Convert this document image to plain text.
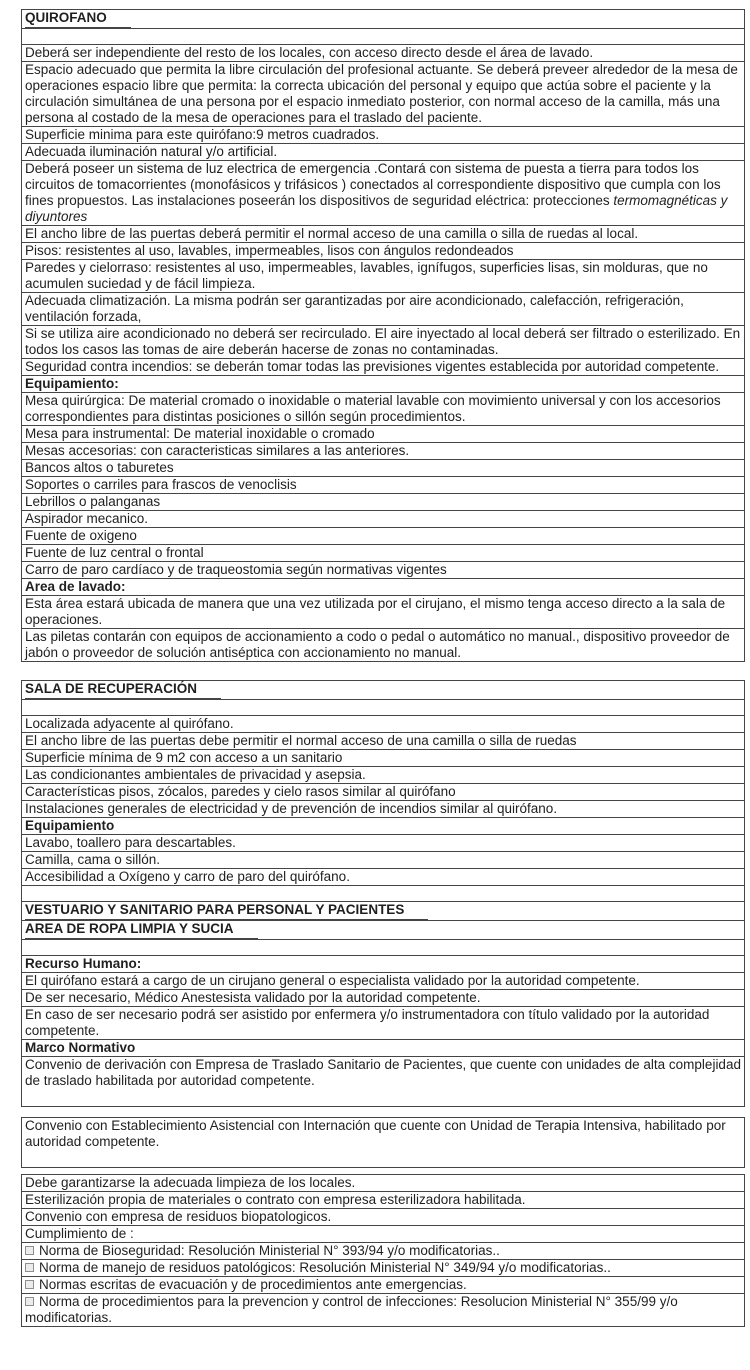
QUIROFANO
Deberá ser independiente del resto de los locales, con acceso directo desde el área de lavado.
Espacio adecuado que permita la libre circulación del profesional actuante. Se deberá preveer alrededor de la mesa de operaciones espacio libre que permita: la correcta ubicación del personal y equipo que actúa sobre el paciente y la circulación simultánea de una persona por el espacio inmediato posterior, con normal acceso de la camilla, más una persona al costado de la mesa de operaciones para el traslado del paciente.
Superficie minima para este quirófano:9 metros cuadrados.
Adecuada iluminación natural y/o artificial.
Deberá poseer un sistema de luz electrica de emergencia .Contará con sistema de puesta a tierra para todos los circuitos de tomacorrientes (monofásicos y trifásicos ) conectados al correspondiente dispositivo que cumpla con los fines propuestos. Las instalaciones poseerán los dispositivos de seguridad eléctrica: protecciones termomagnéticas y diyuntores
El ancho libre de las puertas deberá permitir el normal acceso de una camilla o silla de ruedas al local.
Pisos: resistentes al uso, lavables, impermeables, lisos con ángulos redondeados
Paredes y cielorraso: resistentes al uso, impermeables, lavables, ignífugos, superficies lisas, sin molduras, que no acumulen suciedad y de fácil limpieza.
Adecuada climatización. La misma podrán ser garantizadas por aire acondicionado, calefacción, refrigeración, ventilación forzada,
Si se utiliza aire acondicionado no deberá ser recirculado. El aire inyectado al local deberá ser filtrado o esterilizado. En todos los casos las tomas de aire deberán hacerse de zonas no contaminadas.
Seguridad contra incendios: se deberán tomar todas las previsiones vigentes establecida por autoridad competente.
Equipamiento:
Mesa quirúrgica: De material cromado o inoxidable o material lavable con movimiento universal y con los accesorios correspondientes para distintas posiciones o sillón según procedimientos.
Mesa para instrumental: De material inoxidable o cromado
Mesas accesorias: con caracteristicas similares a las anteriores.
Bancos altos o taburetes
Soportes o carriles para frascos de venoclisis
Lebrillos o palanganas
Aspirador mecanico.
Fuente de oxigeno
Fuente de luz central o frontal
Carro de paro cardíaco y de traqueostomia según normativas vigentes
Area de lavado:
Esta área estará ubicada de manera que una vez utilizada por el cirujano, el mismo tenga acceso directo a la sala de operaciones.
Las piletas contarán con equipos de accionamiento a codo o pedal o automático no manual., dispositivo proveedor de jabón o proveedor de solución antiséptica con accionamiento no manual.
SALA DE RECUPERACIÓN
Localizada adyacente al quirófano.
El ancho libre de las puertas debe permitir el normal acceso de una camilla o silla de ruedas
Superficie mínima de 9 m2 con acceso a un sanitario
Las condicionantes ambientales de privacidad y asepsia.
Características pisos, zócalos, paredes y cielo rasos similar al quirófano
Instalaciones generales de electricidad y de prevención de incendios similar al quirófano.
Equipamiento
Lavabo, toallero para descartables.
Camilla, cama o sillón.
Accesibilidad a Oxígeno y carro de paro del quirófano.
VESTUARIO Y SANITARIO PARA PERSONAL Y PACIENTES
AREA DE ROPA LIMPIA Y SUCIA
Recurso Humano:
El quirófano estará a cargo de un cirujano general o especialista validado por la autoridad competente.
De ser necesario, Médico Anestesista validado por la autoridad competente.
En caso de ser necesario podrá ser asistido por enfermera y/o instrumentadora con título validado por la autoridad competente.
Marco Normativo
Convenio de derivación con Empresa de Traslado Sanitario de Pacientes, que cuente con unidades de alta complejidad de traslado habilitada por autoridad competente.
Convenio con Establecimiento Asistencial con Internación que cuente con Unidad de Terapia Intensiva, habilitado por autoridad competente.
Debe garantizarse la adecuada limpieza de los locales.
Esterilización propia de materiales o contrato con empresa esterilizadora habilitada.
Convenio con empresa de residuos biopatologicos.
Cumplimiento de :
Norma de Bioseguridad: Resolución Ministerial N° 393/94 y/o modificatorias..
Norma de manejo de residuos patológicos: Resolución Ministerial N° 349/94 y/o modificatorias..
Normas escritas de evacuación y de procedimientos ante emergencias.
Norma de procedimientos para la prevencion y control de infecciones: Resolucion Ministerial N° 355/99 y/o modificatorias.
